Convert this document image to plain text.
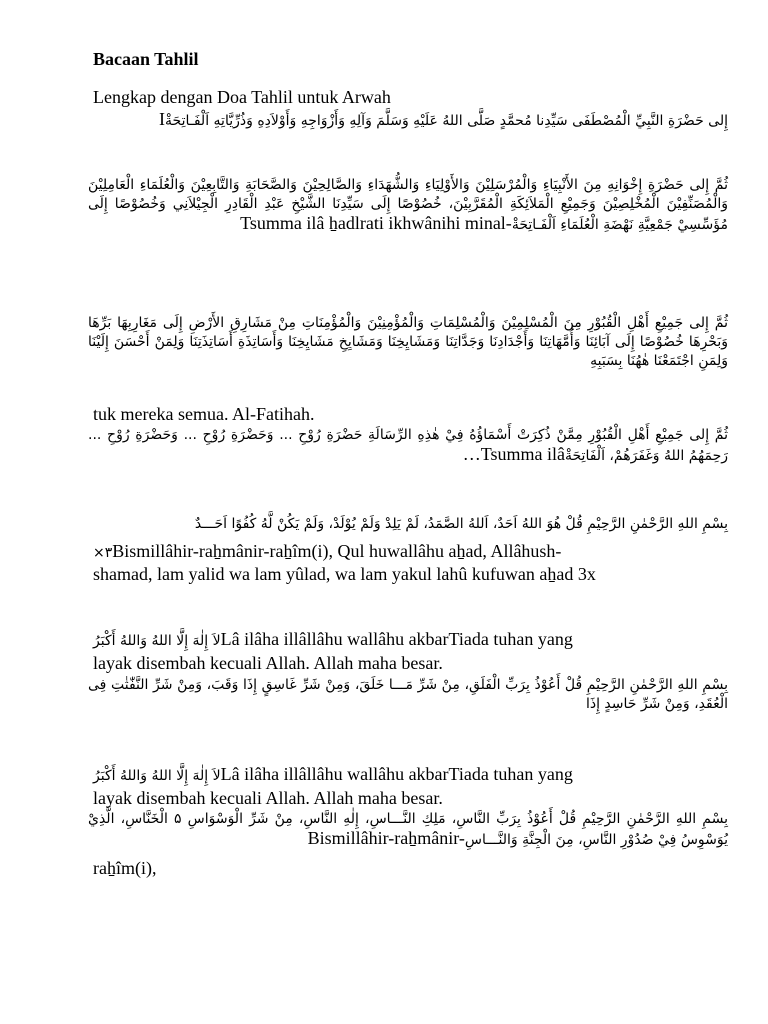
Bacaan Tahlil
Lengkap dengan Doa Tahlil untuk Arwah
إِلى حَضْرَةِ النَّبِيِّ الْمُصْطَفَى سَيِّدِنا مُحمَّدٍ صَلَّى اللهُ عَلَيْهِ وَسَلَّمَ وَآلِهِ وَأَزْوَاجِهِ وَأَوْلاَدِهِ وَذُرِّيَّاتِهِ اَلْفَـاتِحَةْI
ثُمَّ إِلى حَضْرَةِ إِخْوَانِهِ مِنَ الأَنْبِيَاءِ وَالْمُرْسَلِيْنَ وَالأَوْلِيَاءِ وَالشُّهَدَاءِ وَالصَّالِحِيْنَ وَالصَّحَابَةِ وَالتَّابِعِيْنَ وَالْعُلَمَاءِ الْعَامِلِيْنَ وَالْمُصَنِّفِيْنَ الْمُخْلِصِيْنَ وَجَمِيْعِ الْمَلاَئِكَةِ الْمُقَرَّبِيْنَ، خُصُوْصًا إِلَى سَيِّدِنَا الشَّيْخِ عَبْدِ الْقَادِرِ الْجِيْلاَنِي وَخُصُوْصًا إِلَى مُؤَسِّسِيْ جَمْعِيَّةِ نَهْضَةِ الْعُلَمَاءِ اَلْفَـاتِحَةْTsumma ilâ ẖadlrati ikhwânihi minal-
ثُمَّ إِلى جَمِيْعِ أَهْلِ الْقُبُوْرِ مِنَ الْمُسْلِمِيْنَ وَالْمُسْلِمَاتِ وَالْمُؤْمِنِيْنَ وَالْمُؤْمِنَاتِ مِنْ مَشَارِقِ الأَرْضِ إِلَى مَغَارِبِهَا بَرِّهَا وَبَحْرِهَا خُصُوْصًا إِلَى آبَائِنَا وَأُمَّهَاتِنَا وَأَجْدَادِنَا وَجَدَّاتِنَا وَمَشَايِخِنَا وَمَشَايِخِ مَشَايِخِنَا وَأَسَاتِذَةِ أَسَاتِذَتِنَا وَلِمَنْ أَحْسَنَ إِلَيْنَا وَلِمَنِ اجْتَمَعْنَا هٰهُنَا بِسَبَبِهِ
tuk mereka semua. Al-Fatihah.
ثُمَّ إِلى جَمِيْعِ أَهْلِ الْقُبُوْرِ مِمَّنْ ذُكِرَتْ أَسْمَاؤُهُ فِيْ هٰذِهِ الرِّسَالَةِ حَضْرَةِ رُوْحِ ... وَحَضْرَةِ رُوْحِ ... وَحَضْرَةِ رُوْحِ ... رَحِمَهُمُ اللهُ وَغَفَرَهُمْ، اَلْفَاتِحَةْ…Tsumma ilâ
بِسْمِ اللهِ الرَّحْمٰنِ الرَّحِيْمِ قُلْ هُوَ اللهُ اَحَدٌ، اَللهُ الصَّمَدُ، لَمْ يَلِدْ وَلَمْ يُوْلَدْ، وَلَمْ يَكُنْ لَّهُ كُفُوًا اَحَـــدٌ
٣×Bismillâhir-raẖmânir-raẖîm(i), Qul huwallâhu aẖad, Allâhush-
shamad, lam yalid wa lam yûlad, wa lam yakul lahû kufuwan aẖad 3x
لاَ إِلٰهَ إِلَّا اللهُ وَاللهُ أَكْبَرُLâ ilâha illâllâhu wallâhu akbarTiada tuhan yang
layak disembah kecuali Allah. Allah maha besar.
بِسْمِ اللهِ الرَّحْمٰنِ الرَّحِيْمِ قُلْ أَعُوْذُ بِرَبِّ الْفَلَقِ، مِنْ شَرِّ مَـــا خَلَقَ، وَمِنْ شَرِّ غَاسِقٍ إِذَا وَقَبَ، وَمِنْ شَرِّ النَّفّٰثٰتِ فِى الْعُقَدِ، وَمِنْ شَرِّ حَاسِدٍ إِذَا
لاَ إِلٰهَ إِلَّا اللهُ وَاللهُ أَكْبَرُLâ ilâha illâllâhu wallâhu akbarTiada tuhan yang
layak disembah kecuali Allah. Allah maha besar.
بِسْمِ اللهِ الرَّحْمٰنِ الرَّحِيْمِ قُلْ أَعُوْذُ بِرَبِّ النَّاسِ، مَلِكِ النَّـــاسِ، إِلٰهِ النَّاسِ، مِنْ شَرِّ الْوَسْوَاسِ ۵ الْخَنَّاسِ، الَّذِيْ يُوَسْوِسُ فِيْ صُدُوْرِ النَّاسِ، مِنَ الْجِنَّةِ وَالنَّـــاسِBismillâhir-raẖmânir-
raẖîm(i),
